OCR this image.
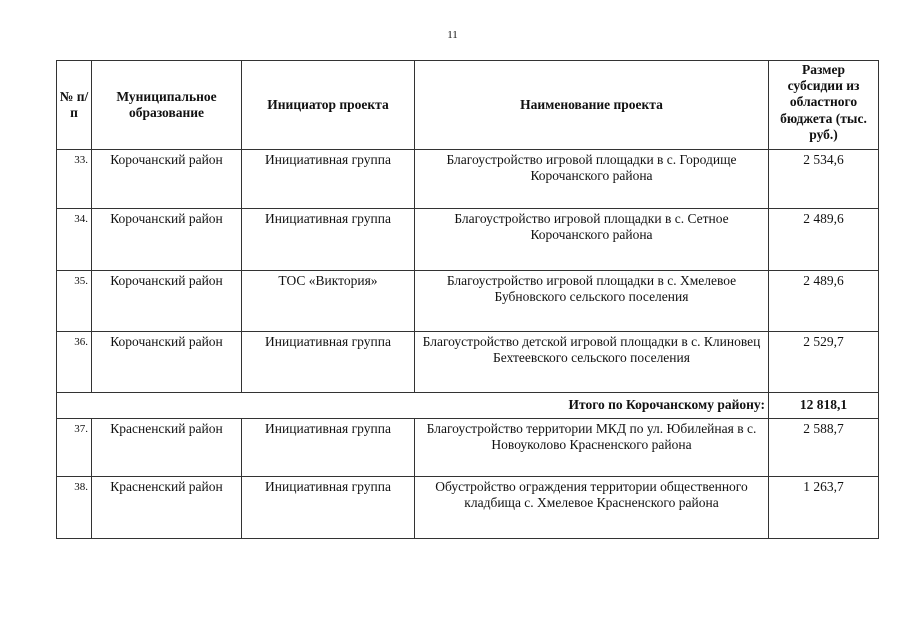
11
№ п/п	Муниципальное образование	Инициатор проекта	Наименование проекта	Размер субсидии из областного бюджета (тыс. руб.)
33.	Корочанский район	Инициативная группа	Благоустройство игровой площадки в с. Городище Корочанского района	2 534,6
34.	Корочанский район	Инициативная группа	Благоустройство игровой площадки в с. Сетное Корочанского района	2 489,6
35.	Корочанский район	ТОС «Виктория»	Благоустройство игровой площадки в с. Хмелевое Бубновского сельского поселения	2 489,6
36.	Корочанский район	Инициативная группа	Благоустройство детской игровой площадки в с. Клиновец Бехтеевского сельского поселения	2 529,7
Итого по Корочанскому району:				12 818,1
37.	Красненский район	Инициативная группа	Благоустройство территории МКД по ул. Юбилейная в с. Новоуколово Красненского района	2 588,7
38.	Красненский район	Инициативная группа	Обустройство ограждения территории общественного кладбища с. Хмелевое Красненского района	1 263,7
